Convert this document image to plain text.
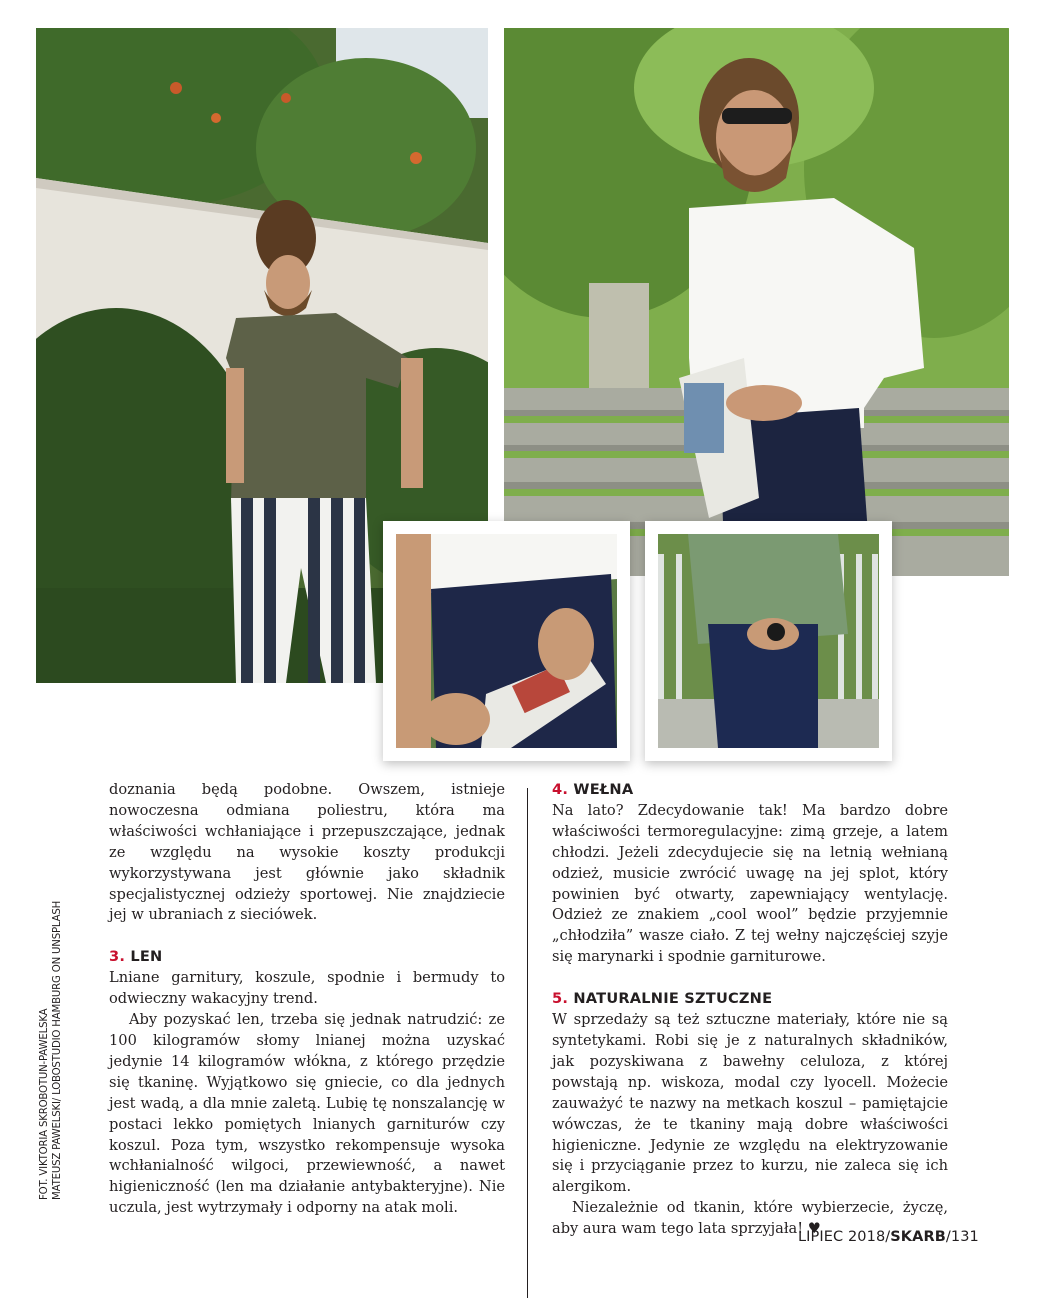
FOT. VIKTORIA SKROBOTUN-PAWELSKA MATEUSZ PAWELSKI/ LOBOSTUDIO HAMBURG ON UNSPLASH

doznania będą podobne. Owszem, istnieje nowoczesna odmiana poliestru, która ma właściwości wchłaniające i przepuszczające, jednak ze względu na wysokie koszty produkcji wykorzystywana jest głównie jako składnik specjalistycznej odzieży sportowej. Nie znajdziecie jej w ubraniach z sieciówek.

3. LEN

Lniane garnitury, koszule, spodnie i bermudy to odwieczny wakacyjny trend.

Aby pozyskać len, trzeba się jednak natrudzić: ze 100 kilogramów słomy lnianej można uzyskać jedynie 14 kilogramów włókna, z którego przędzie się tkaninę. Wyjątkowo się gniecie, co dla jednych jest wadą, a dla mnie zaletą. Lubię tę nonszalancję w postaci lekko pomiętych lnianych garniturów czy koszul. Poza tym, wszystko rekompensuje wysoka wchłanialność wilgoci, przewiewność, a nawet higieniczność (len ma działanie antybakteryjne). Nie uczula, jest wytrzymały i odporny na atak moli.

4. WEŁNA

Na lato? Zdecydowanie tak! Ma bardzo dobre właściwości termoregulacyjne: zimą grzeje, a latem chłodzi. Jeżeli zdecydujecie się na letnią wełnianą odzież, musicie zwrócić uwagę na jej splot, który powinien być otwarty, zapewniający wentylację. Odzież ze znakiem „cool wool” będzie przyjemnie „chłodziła” wasze ciało. Z tej wełny najczęściej szyje się marynarki i spodnie garniturowe.

5. NATURALNIE SZTUCZNE

W sprzedaży są też sztuczne materiały, które nie są syntetykami. Robi się je z naturalnych składników, jak pozyskiwana z bawełny celuloza, z której powstają np. wiskoza, modal czy lyocell. Możecie zauważyć te nazwy na metkach koszul – pamiętajcie wówczas, że te tkaniny mają dobre właściwości higieniczne. Jedynie ze względu na elektryzowanie się i przyciąganie przez to kurzu, nie zaleca się ich alergikom.

Niezależnie od tkanin, które wybierzecie, życzę, aby aura wam tego lata sprzyjała! ♥

LIPIEC 2018/SKARB/131
